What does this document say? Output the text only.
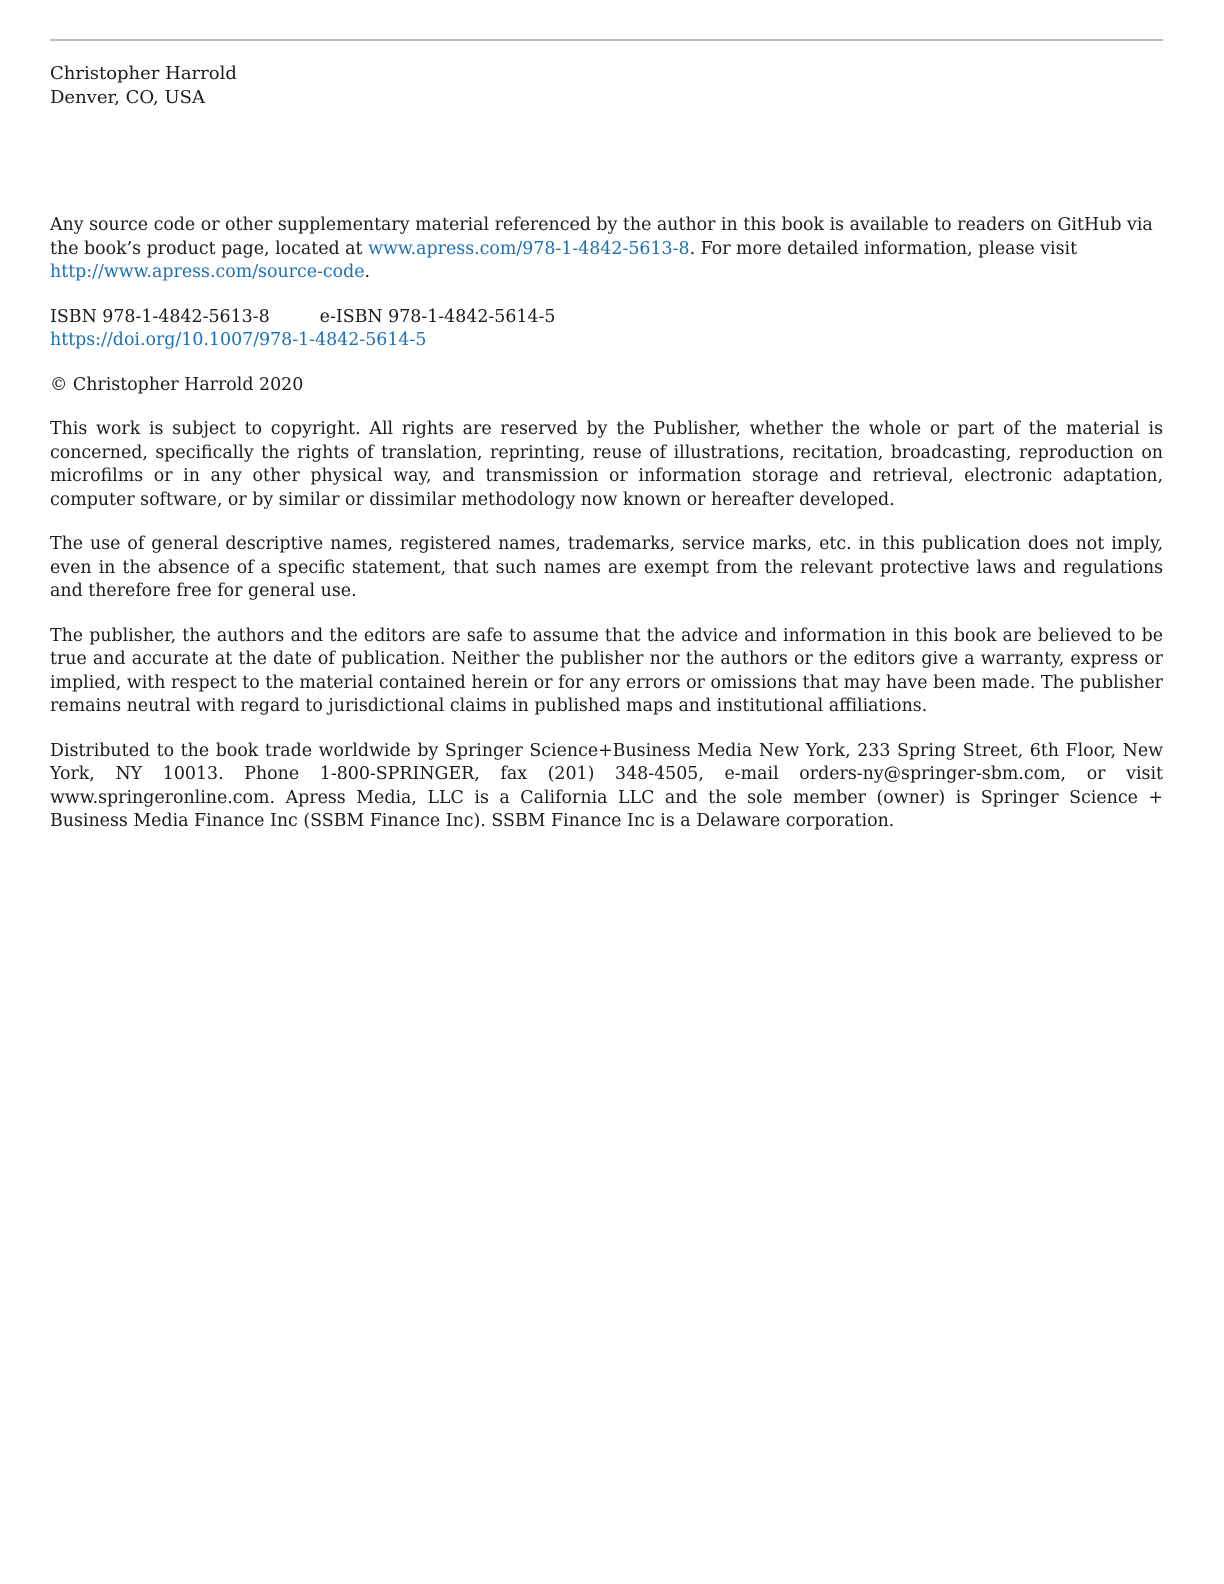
Christopher Harrold
Denver, CO, USA

Any source code or other supplementary material referenced by the author in this book is available to readers on GitHub via the book’s product page, located at www.apress.com/978-1-4842-5613-8. For more detailed information, please visit http://www.apress.com/source-code.

ISBN 978-1-4842-5613-8	e-ISBN 978-1-4842-5614-5
https://doi.org/10.1007/978-1-4842-5614-5

© Christopher Harrold 2020

This work is subject to copyright. All rights are reserved by the Publisher, whether the whole or part of the material is concerned, specifically the rights of translation, reprinting, reuse of illustrations, recitation, broadcasting, reproduction on microfilms or in any other physical way, and transmission or information storage and retrieval, electronic adaptation, computer software, or by similar or dissimilar methodology now known or hereafter developed.

The use of general descriptive names, registered names, trademarks, service marks, etc. in this publication does not imply, even in the absence of a specific statement, that such names are exempt from the relevant protective laws and regulations and therefore free for general use.

The publisher, the authors and the editors are safe to assume that the advice and information in this book are believed to be true and accurate at the date of publication. Neither the publisher nor the authors or the editors give a warranty, express or implied, with respect to the material contained herein or for any errors or omissions that may have been made. The publisher remains neutral with regard to jurisdictional claims in published maps and institutional affiliations.

Distributed to the book trade worldwide by Springer Science+Business Media New York, 233 Spring Street, 6th Floor, New York, NY 10013. Phone 1-800-SPRINGER, fax (201) 348-4505, e-mail orders-ny@springer-sbm.com, or visit www.springeronline.com. Apress Media, LLC is a California LLC and the sole member (owner) is Springer Science + Business Media Finance Inc (SSBM Finance Inc). SSBM Finance Inc is a Delaware corporation.
